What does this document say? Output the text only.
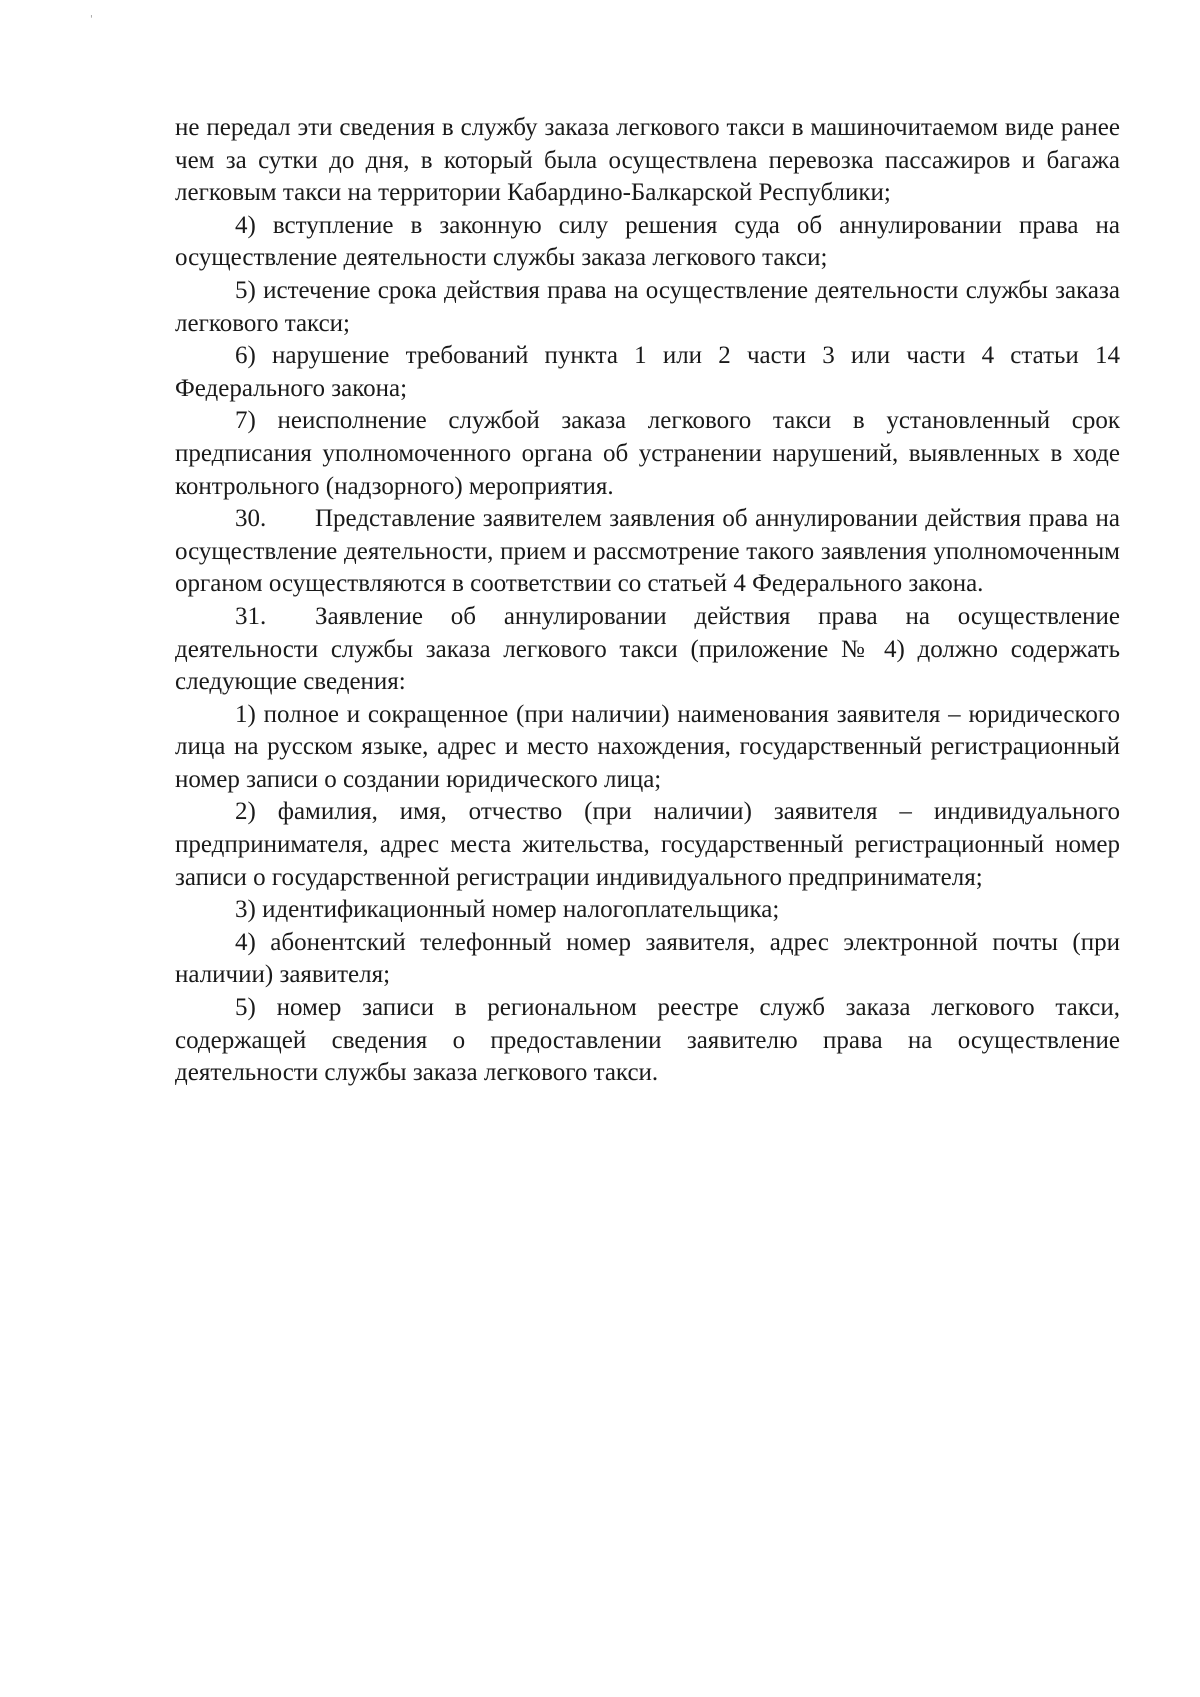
'

не передал эти сведения в службу заказа легкового такси в машиночитаемом виде ранее чем за сутки до дня, в который была осуществлена перевозка пассажиров и багажа легковым такси на территории Кабардино-Балкарской Республики;

4) вступление в законную силу решения суда об аннулировании права на осуществление деятельности службы заказа легкового такси;

5) истечение срока действия права на осуществление деятельности службы заказа легкового такси;

6) нарушение требований пункта 1 или 2 части 3 или части 4 статьи 14 Федерального закона;

7) неисполнение службой заказа легкового такси в установленный срок предписания уполномоченного органа об устранении нарушений, выявленных в ходе контрольного (надзорного) мероприятия.

30. Представление заявителем заявления об аннулировании действия права на осуществление деятельности, прием и рассмотрение такого заявления уполномоченным органом осуществляются в соответствии со статьей 4 Федерального закона.

31. Заявление об аннулировании действия права на осуществление деятельности службы заказа легкового такси (приложение № 4) должно содержать следующие сведения:

1) полное и сокращенное (при наличии) наименования заявителя – юридического лица на русском языке, адрес и место нахождения, государственный регистрационный номер записи о создании юридического лица;

2) фамилия, имя, отчество (при наличии) заявителя – индивидуального предпринимателя, адрес места жительства, государственный регистрационный номер записи о государственной регистрации индивидуального предпринимателя;

3) идентификационный номер налогоплательщика;

4) абонентский телефонный номер заявителя, адрес электронной почты (при наличии) заявителя;

5) номер записи в региональном реестре служб заказа легкового такси, содержащей сведения о предоставлении заявителю права на осуществление деятельности службы заказа легкового такси.
